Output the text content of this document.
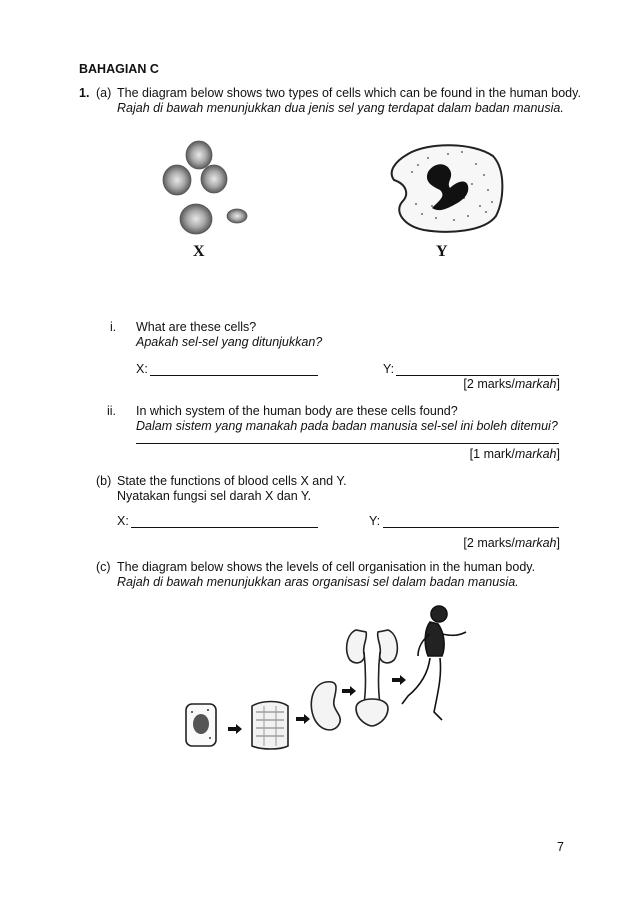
BAHAGIAN C
1. (a) The diagram below shows two types of cells which can be found in the human body.
Rajah di bawah menunjukkan dua jenis sel yang terdapat dalam badan manusia.
X	Y
i. What are these cells?
Apakah sel-sel yang ditunjukkan?
X:	Y:
[2 marks/markah]
ii. In which system of the human body are these cells found?
Dalam sistem yang manakah pada badan manusia sel-sel ini boleh ditemui?
[1 mark/markah]
(b) State the functions of blood cells X and Y.
Nyatakan fungsi sel darah X dan Y.
X:	Y:
[2 marks/markah]
(c) The diagram below shows the levels of cell organisation in the human body.
Rajah di bawah menunjukkan aras organisasi sel dalam badan manusia.
7
